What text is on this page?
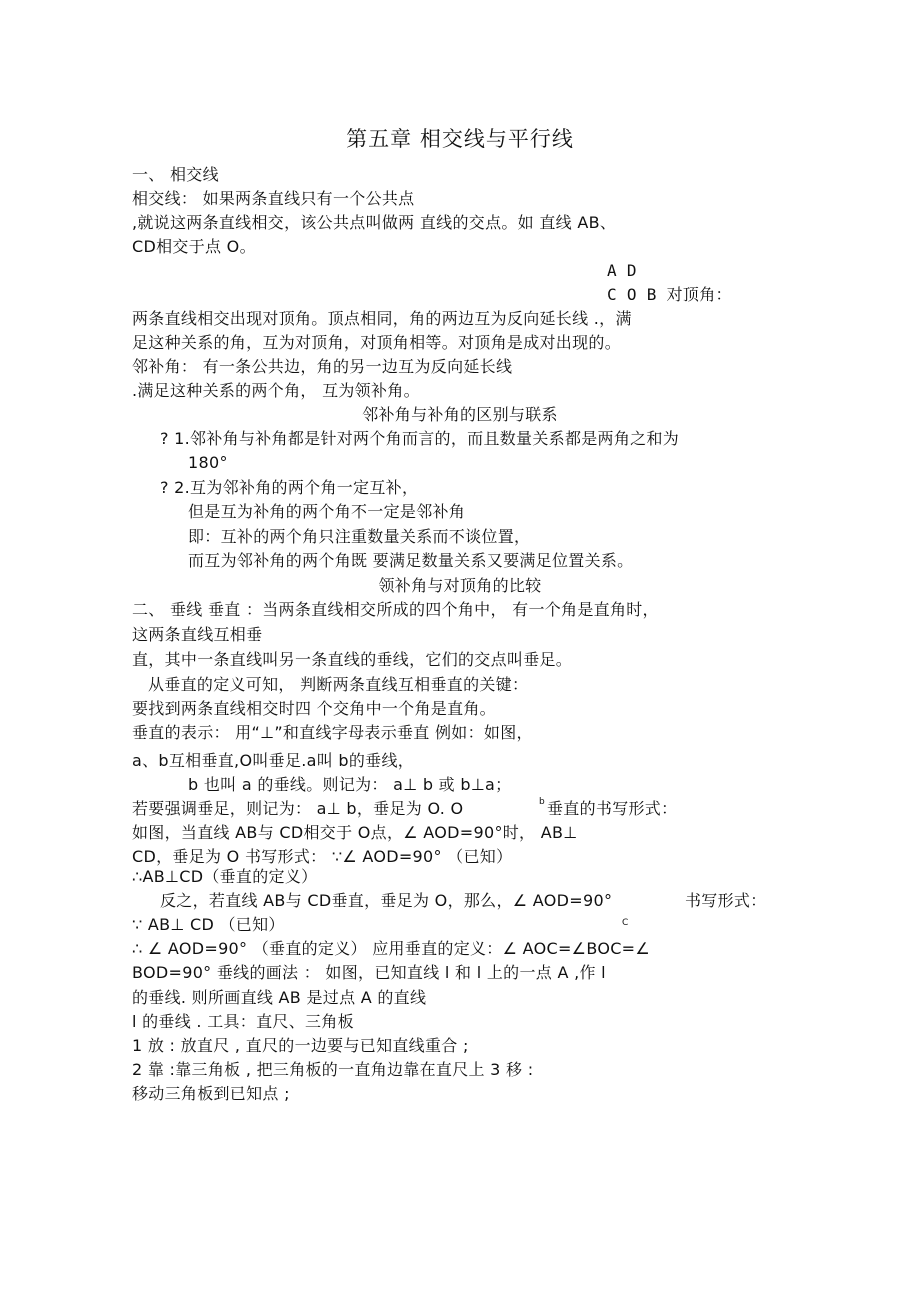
第五章 相交线与平行线
一、 相交线
相交线： 如果两条直线只有一个公共点
,就说这两条直线相交，该公共点叫做两 直线的交点。如 直线 AB、
CD相交于点 O。
A D
C O B 对顶角：
两条直线相交出现对顶角。顶点相同，角的两边互为反向延长线 .，满
足这种关系的角，互为对顶角，对顶角相等。对顶角是成对出现的。
邻补角： 有一条公共边，角的另一边互为反向延长线
.满足这种关系的两个角， 互为领补角。
邻补角与补角的区别与联系
? 1.邻补角与补角都是针对两个角而言的，而且数量关系都是两角之和为
180°
? 2.互为邻补角的两个角一定互补，
但是互为补角的两个角不一定是邻补角
即：互补的两个角只注重数量关系而不谈位置，
而互为邻补角的两个角既 要满足数量关系又要满足位置关系。
领补角与对顶角的比较
二、 垂线 垂直 ：当两条直线相交所成的四个角中， 有一个角是直角时，
这两条直线互相垂
直，其中一条直线叫另一条直线的垂线，它们的交点叫垂足。
从垂直的定义可知， 判断两条直线互相垂直的关键：
要找到两条直线相交时四 个交角中一个角是直角。
垂直的表示： 用“⊥”和直线字母表示垂直 例如：如图，
a、b互相垂直,O叫垂足.a叫 b的垂线，
b 也叫 a 的垂线。则记为： a⊥ b 或 b⊥a；
若要强调垂足，则记为： a⊥ b，垂足为 O. O	b 垂直的书写形式：
如图，当直线 AB与 CD相交于 O点，∠ AOD=90°时， AB⊥
CD，垂足为 O 书写形式： ∵∠ AOD=90° （已知）
∴AB⊥CD（垂直的定义）
反之，若直线 AB与 CD垂直，垂足为 O，那么，∠ AOD=90°	书写形式：
∵ AB⊥ CD （已知）	C
∴ ∠ AOD=90° （垂直的定义） 应用垂直的定义：∠ AOC=∠BOC=∠
BOD=90° 垂线的画法 ： 如图，已知直线 l 和 l 上的一点 A ,作 l
的垂线. 则所画直线 AB 是过点 A 的直线
l 的垂线 . 工具：直尺、三角板
1 放 : 放直尺 , 直尺的一边要与已知直线重合 ;
2 靠 :靠三角板 , 把三角板的一直角边靠在直尺上 3 移 :
移动三角板到已知点 ;
